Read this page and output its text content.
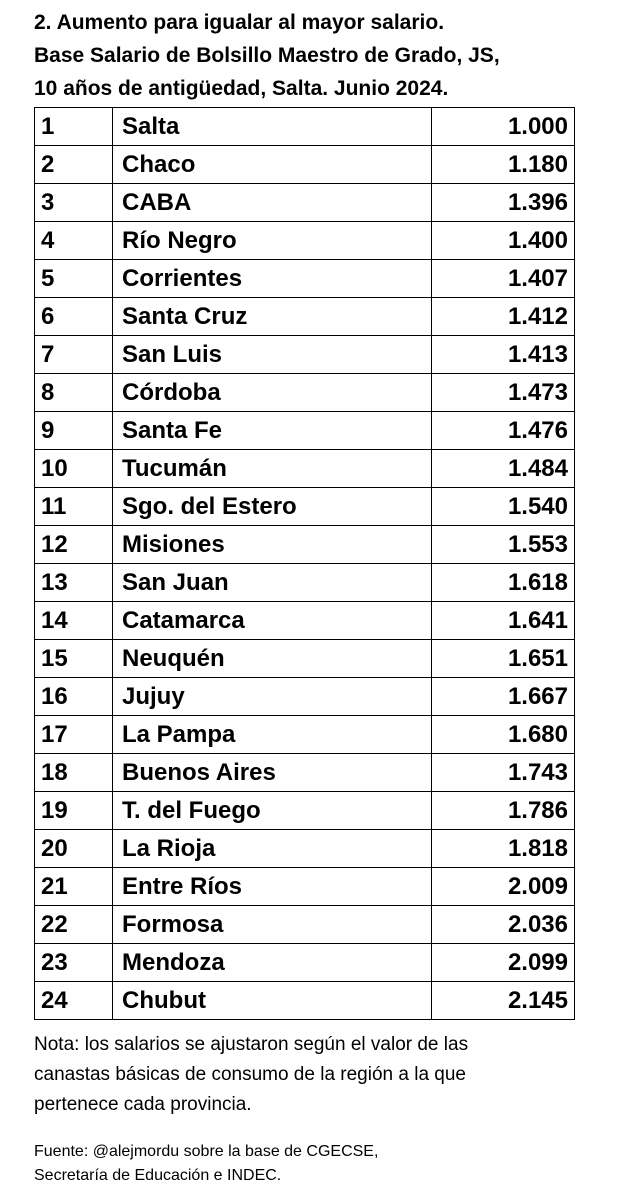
2. Aumento para igualar al mayor salario.
Base Salario de Bolsillo Maestro de Grado, JS,
10 años de antigüedad, Salta. Junio 2024.
1	Salta	1.000
2	Chaco	1.180
3	CABA	1.396
4	Río Negro	1.400
5	Corrientes	1.407
6	Santa Cruz	1.412
7	San Luis	1.413
8	Córdoba	1.473
9	Santa Fe	1.476
10	Tucumán	1.484
11	Sgo. del Estero	1.540
12	Misiones	1.553
13	San Juan	1.618
14	Catamarca	1.641
15	Neuquén	1.651
16	Jujuy	1.667
17	La Pampa	1.680
18	Buenos Aires	1.743
19	T. del Fuego	1.786
20	La Rioja	1.818
21	Entre Ríos	2.009
22	Formosa	2.036
23	Mendoza	2.099
24	Chubut	2.145

Nota: los salarios se ajustaron según el valor de las
canastas básicas de consumo de la región a la que
pertenece cada provincia.

Fuente: @alejmordu sobre la base de CGECSE,
Secretaría de Educación e INDEC.
